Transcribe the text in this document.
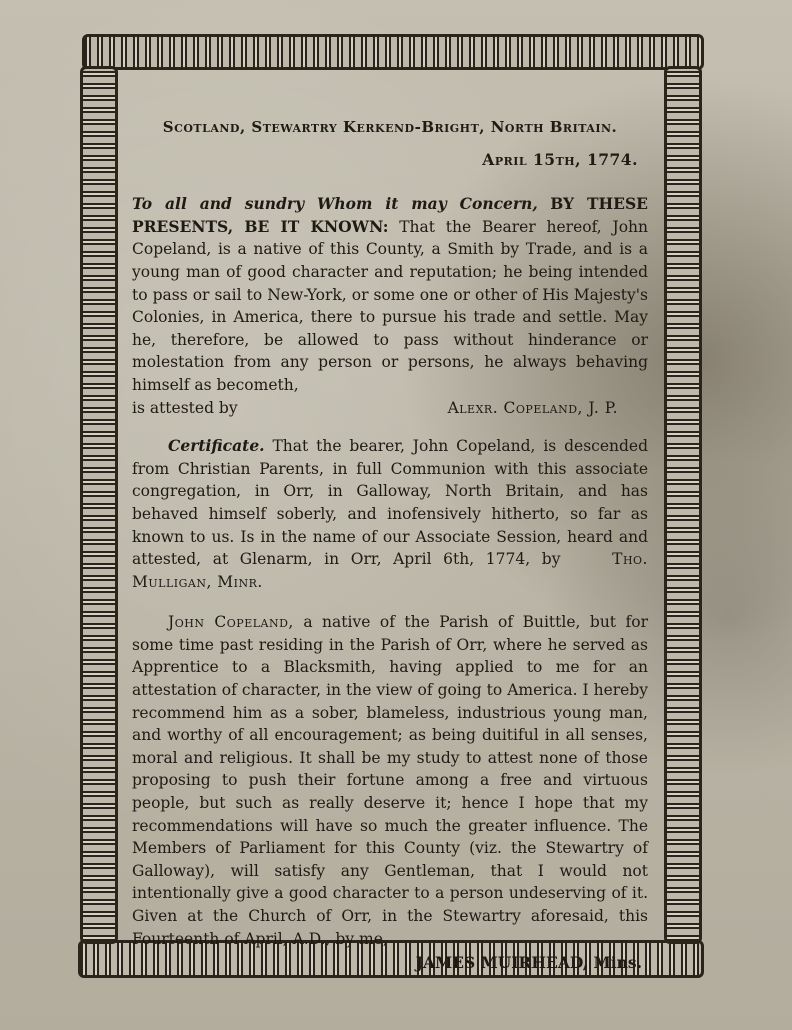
Scotland, Stewartry Kerkend-Bright, North Britain.
April 15th, 1774.

To all and sundry Whom it may Concern, BY THESE PRESENTS, BE IT KNOWN: That the Bearer hereof, John Copeland, is a native of this County, a Smith by Trade, and is a young man of good character and reputation; he being intended to pass or sail to New-York, or some one or other of His Majesty's Colonies, in America, there to pursue his trade and settle. May he, therefore, be allowed to pass without hinderance or molestation from any person or persons, he always behaving himself as becometh,

is attested by	Alexr. Copeland, J. P.

Certificate. That the bearer, John Copeland, is descended from Christian Parents, in full Communion with this associate congregation, in Orr, in Galloway, North Britain, and has behaved himself soberly, and inofensively hitherto, so far as known to us. Is in the name of our Associate Session, heard and attested, at Glenarm, in Orr, April 6th, 1774, by	Tho. Mulligan, Minr.

John Copeland, a native of the Parish of Buittle, but for some time past residing in the Parish of Orr, where he served as Apprentice to a Blacksmith, having applied to me for an attestation of character, in the view of going to America. I hereby recommend him as a sober, blameless, industrious young man, and worthy of all encouragement; as being duitiful in all senses, moral and religious. It shall be my study to attest none of those proposing to push their fortune among a free and virtuous people, but such as really deserve it; hence I hope that my recommendations will have so much the greater influence. The Members of Parliament for this County (viz. the Stewartry of Galloway), will satisfy any Gentleman, that I would not intentionally give a good character to a person undeserving of it. Given at the Church of Orr, in the Stewartry aforesaid, this Fourteenth of April, A.D., by me,

JAMES MUIRHEAD, Mins.
